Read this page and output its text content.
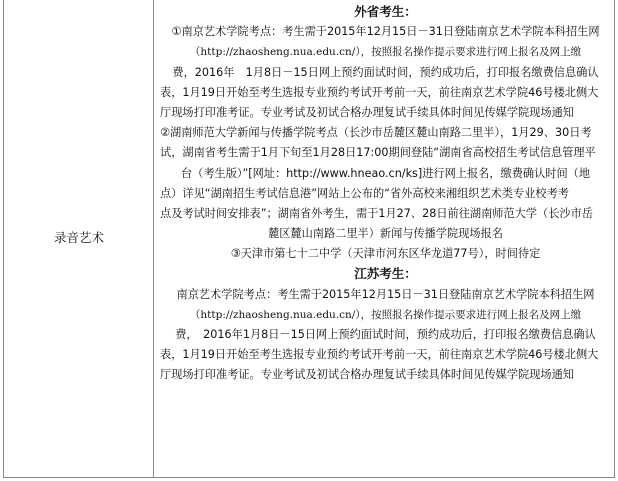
录音艺术
外省考生：
①南京艺术学院考点：考生需于2015年12月15日－31日登陆南京艺术学院本科招生网
（http://zhaosheng.nua.edu.cn/），按照报名操作提示要求进行网上报名及网上缴
费，2016年　1月8日－15日网上预约面试时间，预约成功后，打印报名缴费信息确认
表，1月19日开始至考生选报专业预约考试开考前一天，前往南京艺术学院46号楼北侧大
厅现场打印准考证。专业考试及初试合格办理复试手续具体时间见传媒学院现场通知
②湖南师范大学新闻与传播学院考点（长沙市岳麓区麓山南路二里半），1月29、30日考
试，湖南省考生需于1月下旬至1月28日17:00期间登陆“湖南省高校招生考试信息管理平
台（考生版）”[网址：http://www.hneao.cn/ks]进行网上报名，缴费确认时间（地
点）详见“湖南招生考试信息港”网站上公布的“省外高校来湘组织艺术类专业校考考
点及考试时间安排表”；湖南省外考生，需于1月27、28日前往湖南师范大学（长沙市岳
麓区麓山南路二里半）新闻与传播学院现场报名
③天津市第七十二中学（天津市河东区华龙道77号），时间待定
江苏考生：
南京艺术学院考点：考生需于2015年12月15日－31日登陆南京艺术学院本科招生网
（http://zhaosheng.nua.edu.cn/），按照报名操作提示要求进行网上报名及网上缴
费，　2016年1月8日－15日网上预约面试时间，预约成功后，打印报名缴费信息确认
表，1月19日开始至考生选报专业预约考试开考前一天，前往南京艺术学院46号楼北侧大
厅现场打印准考证。专业考试及初试合格办理复试手续具体时间见传媒学院现场通知
